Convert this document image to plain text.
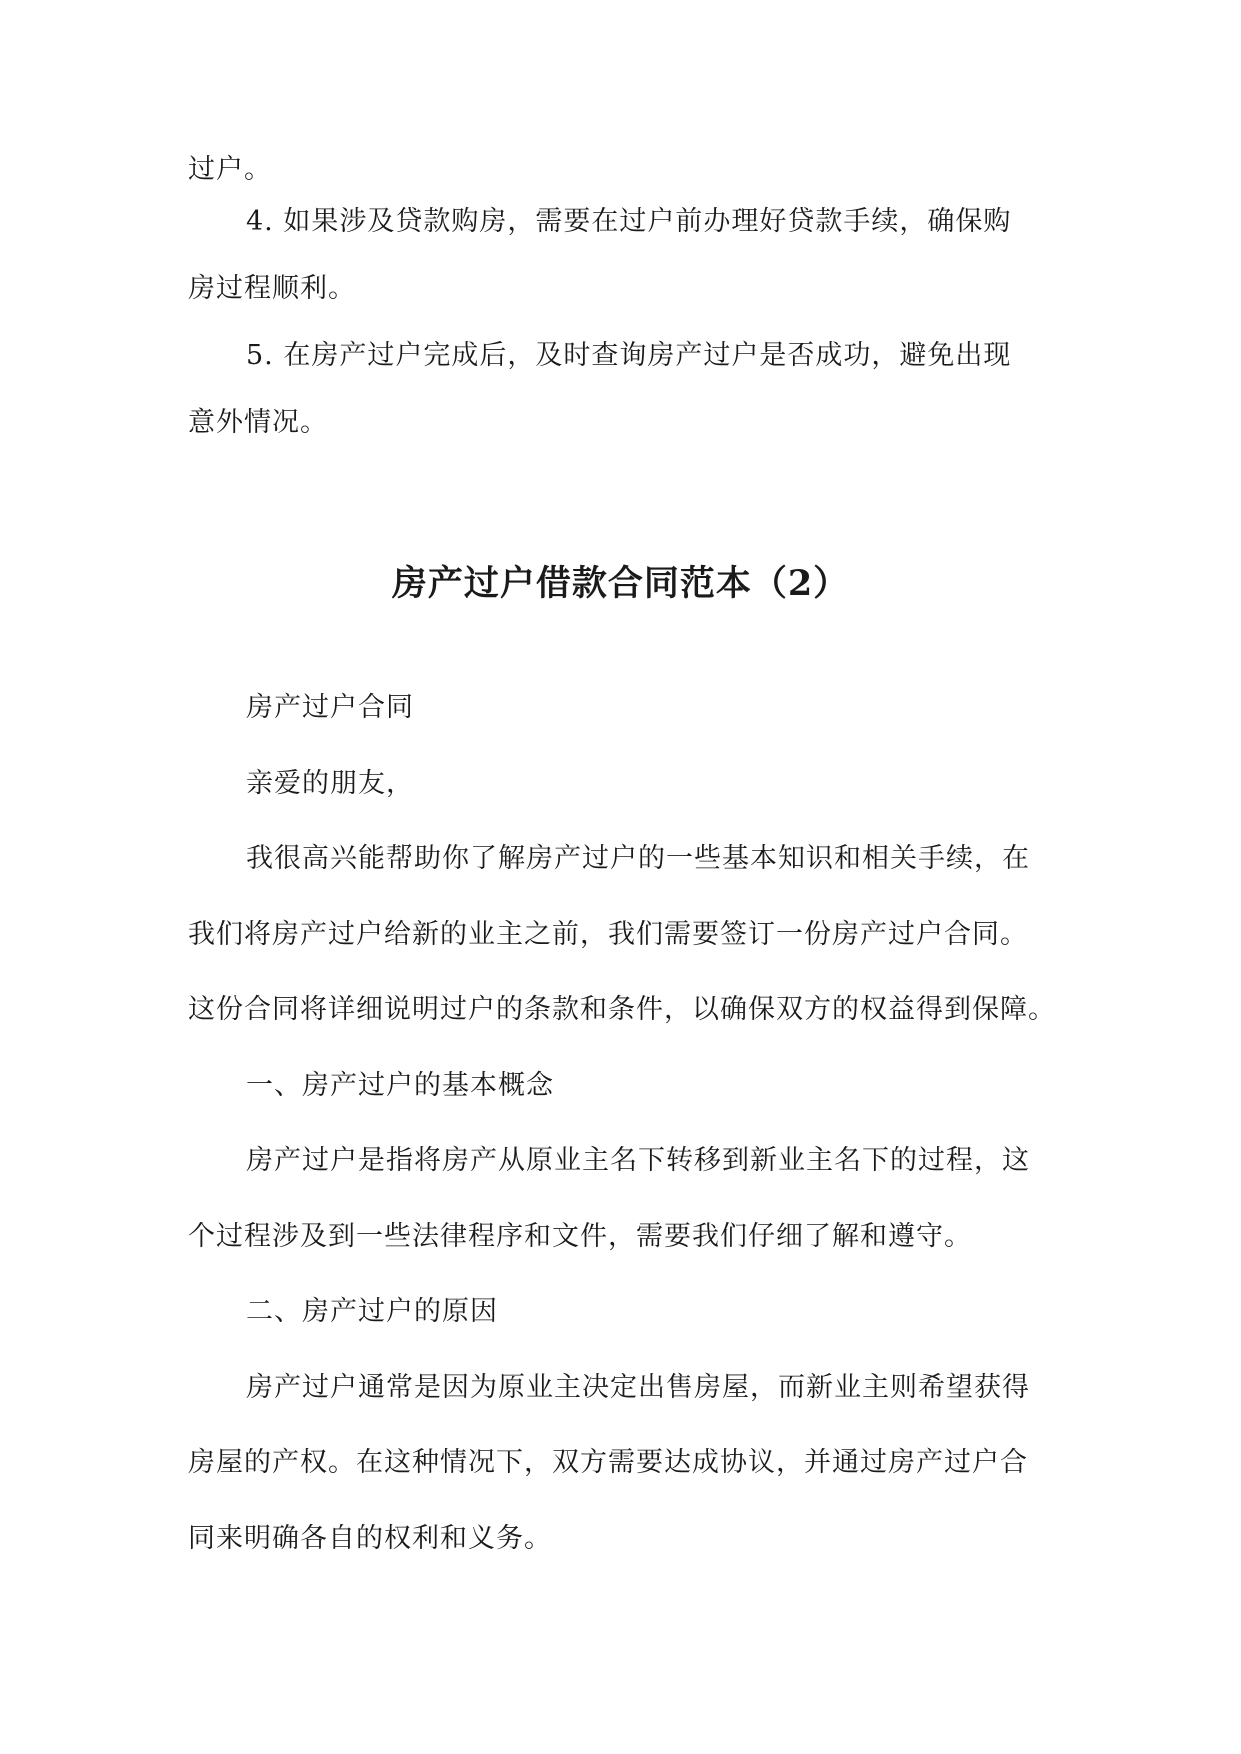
过户。
4. 如果涉及贷款购房，需要在过户前办理好贷款手续，确保购
房过程顺利。
5. 在房产过户完成后，及时查询房产过户是否成功，避免出现
意外情况。
房产过户借款合同范本（2）
房产过户合同
亲爱的朋友，
我很高兴能帮助你了解房产过户的一些基本知识和相关手续，在
我们将房产过户给新的业主之前，我们需要签订一份房产过户合同。
这份合同将详细说明过户的条款和条件，以确保双方的权益得到保障。
一、房产过户的基本概念
房产过户是指将房产从原业主名下转移到新业主名下的过程，这
个过程涉及到一些法律程序和文件，需要我们仔细了解和遵守。
二、房产过户的原因
房产过户通常是因为原业主决定出售房屋，而新业主则希望获得
房屋的产权。在这种情况下，双方需要达成协议，并通过房产过户合
同来明确各自的权利和义务。
